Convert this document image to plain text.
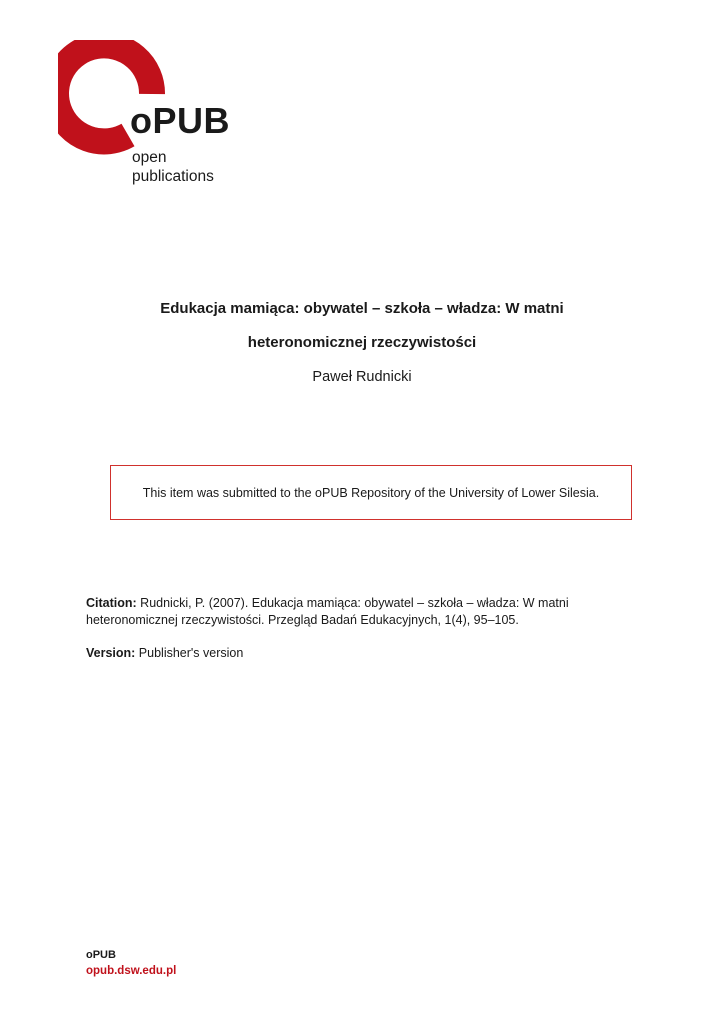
oPUB
open
publications
Edukacja mamiąca: obywatel – szkoła – władza: W matni
heteronomicznej rzeczywistości
Paweł Rudnicki
This item was submitted to the oPUB Repository of the University of Lower Silesia.
Citation: Rudnicki, P. (2007). Edukacja mamiąca: obywatel – szkoła – władza: W matni heteronomicznej rzeczywistości. Przegląd Badań Edukacyjnych, 1(4), 95–105.
Version: Publisher's version
oPUB
opub.dsw.edu.pl
